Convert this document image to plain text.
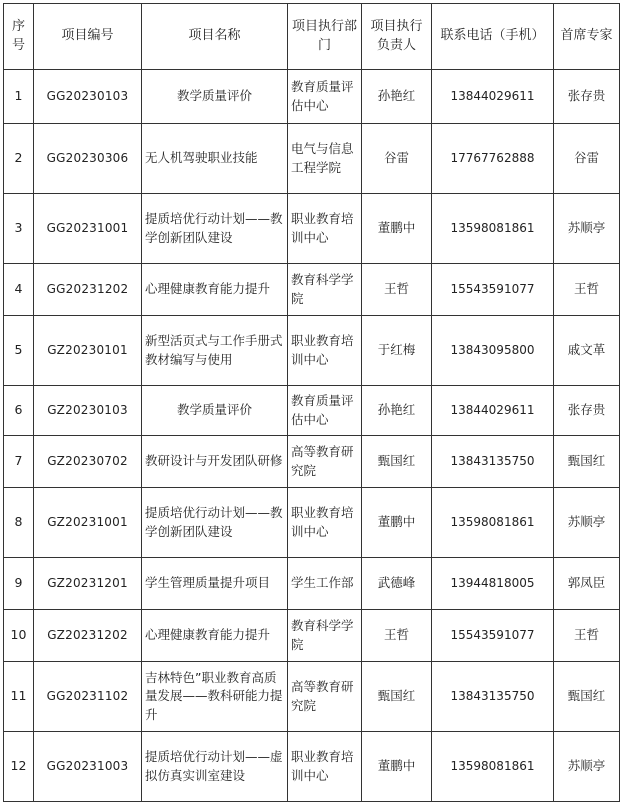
序号	项目编号	项目名称	项目执行部门	项目执行负责人	联系电话（手机）	首席专家
1	GG20230103	教学质量评价	教育质量评估中心	孙艳红	13844029611	张存贵
2	GG20230306	无人机驾驶职业技能	电气与信息工程学院	谷雷	17767762888	谷雷
3	GG20231001	提质培优行动计划——教学创新团队建设	职业教育培训中心	董鹏中	13598081861	苏顺亭
4	GG20231202	心理健康教育能力提升	教育科学学院	王哲	15543591077	王哲
5	GZ20230101	新型活页式与工作手册式教材编写与使用	职业教育培训中心	于红梅	13843095800	戚文革
6	GZ20230103	教学质量评价	教育质量评估中心	孙艳红	13844029611	张存贵
7	GZ20230702	教研设计与开发团队研修	高等教育研究院	甄国红	13843135750	甄国红
8	GZ20231001	提质培优行动计划——教学创新团队建设	职业教育培训中心	董鹏中	13598081861	苏顺亭
9	GZ20231201	学生管理质量提升项目	学生工作部	武德峰	13944818005	郭凤臣
10	GZ20231202	心理健康教育能力提升	教育科学学院	王哲	15543591077	王哲
11	GG20231102	吉林特色”职业教育高质量发展——教科研能力提升	高等教育研究院	甄国红	13843135750	甄国红
12	GG20231003	提质培优行动计划——虚拟仿真实训室建设	职业教育培训中心	董鹏中	13598081861	苏顺亭
